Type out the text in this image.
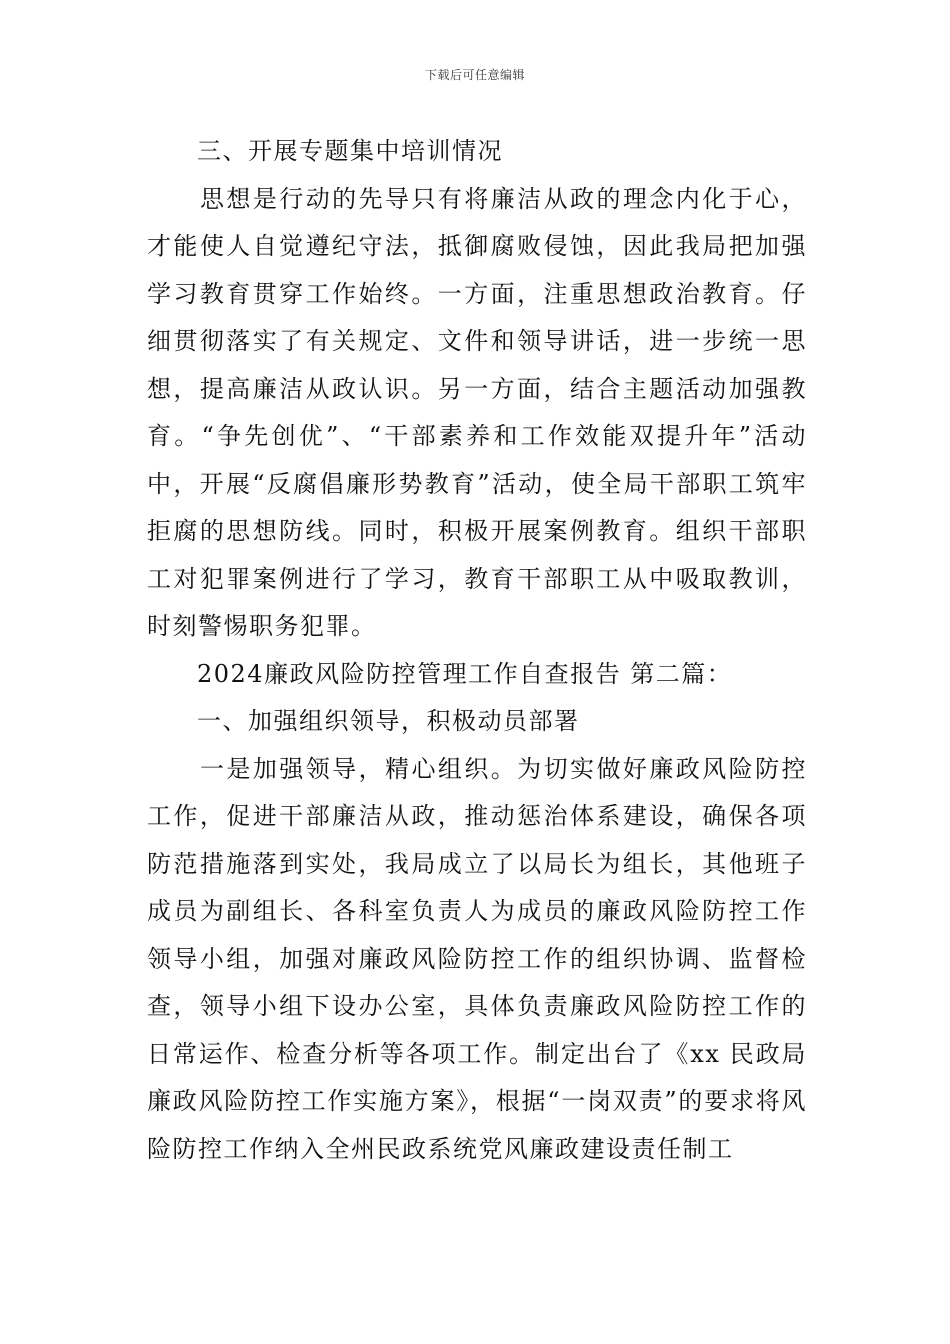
下载后可任意编辑

三、开展专题集中培训情况

思想是行动的先导只有将廉洁从政的理念内化于心，才能使人自觉遵纪守法，抵御腐败侵蚀，因此我局把加强学习教育贯穿工作始终。一方面，注重思想政治教育。仔细贯彻落实了有关规定、文件和领导讲话，进一步统一思想，提高廉洁从政认识。另一方面，结合主题活动加强教育。“争先创优”、“干部素养和工作效能双提升年”活动中，开展“反腐倡廉形势教育”活动，使全局干部职工筑牢拒腐的思想防线。同时，积极开展案例教育。组织干部职工对犯罪案例进行了学习，教育干部职工从中吸取教训，时刻警惕职务犯罪。

2024廉政风险防控管理工作自查报告 第二篇：

一、加强组织领导，积极动员部署

一是加强领导，精心组织。为切实做好廉政风险防控工作，促进干部廉洁从政，推动惩治体系建设，确保各项防范措施落到实处，我局成立了以局长为组长，其他班子成员为副组长、各科室负责人为成员的廉政风险防控工作领导小组，加强对廉政风险防控工作的组织协调、监督检查，领导小组下设办公室，具体负责廉政风险防控工作的日常运作、检查分析等各项工作。制定出台了《xx 民政局廉政风险防控工作实施方案》，根据“一岗双责”的要求将风险防控工作纳入全州民政系统党风廉政建设责任制工
